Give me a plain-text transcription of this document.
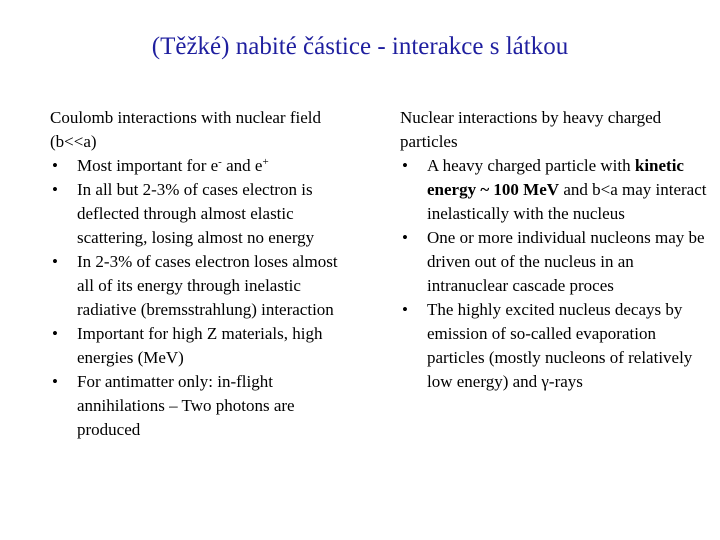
(Těžké) nabité částice - interakce s látkou

Coulomb interactions with nuclear field (b<<a)

• Most important for e- and e+
• In all but 2-3% of cases electron is deflected through almost elastic scattering, losing almost no energy
• In 2-3% of cases electron loses almost all of its energy through inelastic radiative (bremsstrahlung) interaction
• Important for high Z materials, high energies (MeV)
• For antimatter only: in-flight annihilations – Two photons are produced

Nuclear interactions by heavy charged particles

• A heavy charged particle with kinetic energy ~ 100 MeV and b<a may interact inelastically with the nucleus
• One or more individual nucleons may be driven out of the nucleus in an intranuclear cascade proces
• The highly excited nucleus decays by emission of so-called evaporation particles (mostly nucleons of relatively low energy) and γ-rays
